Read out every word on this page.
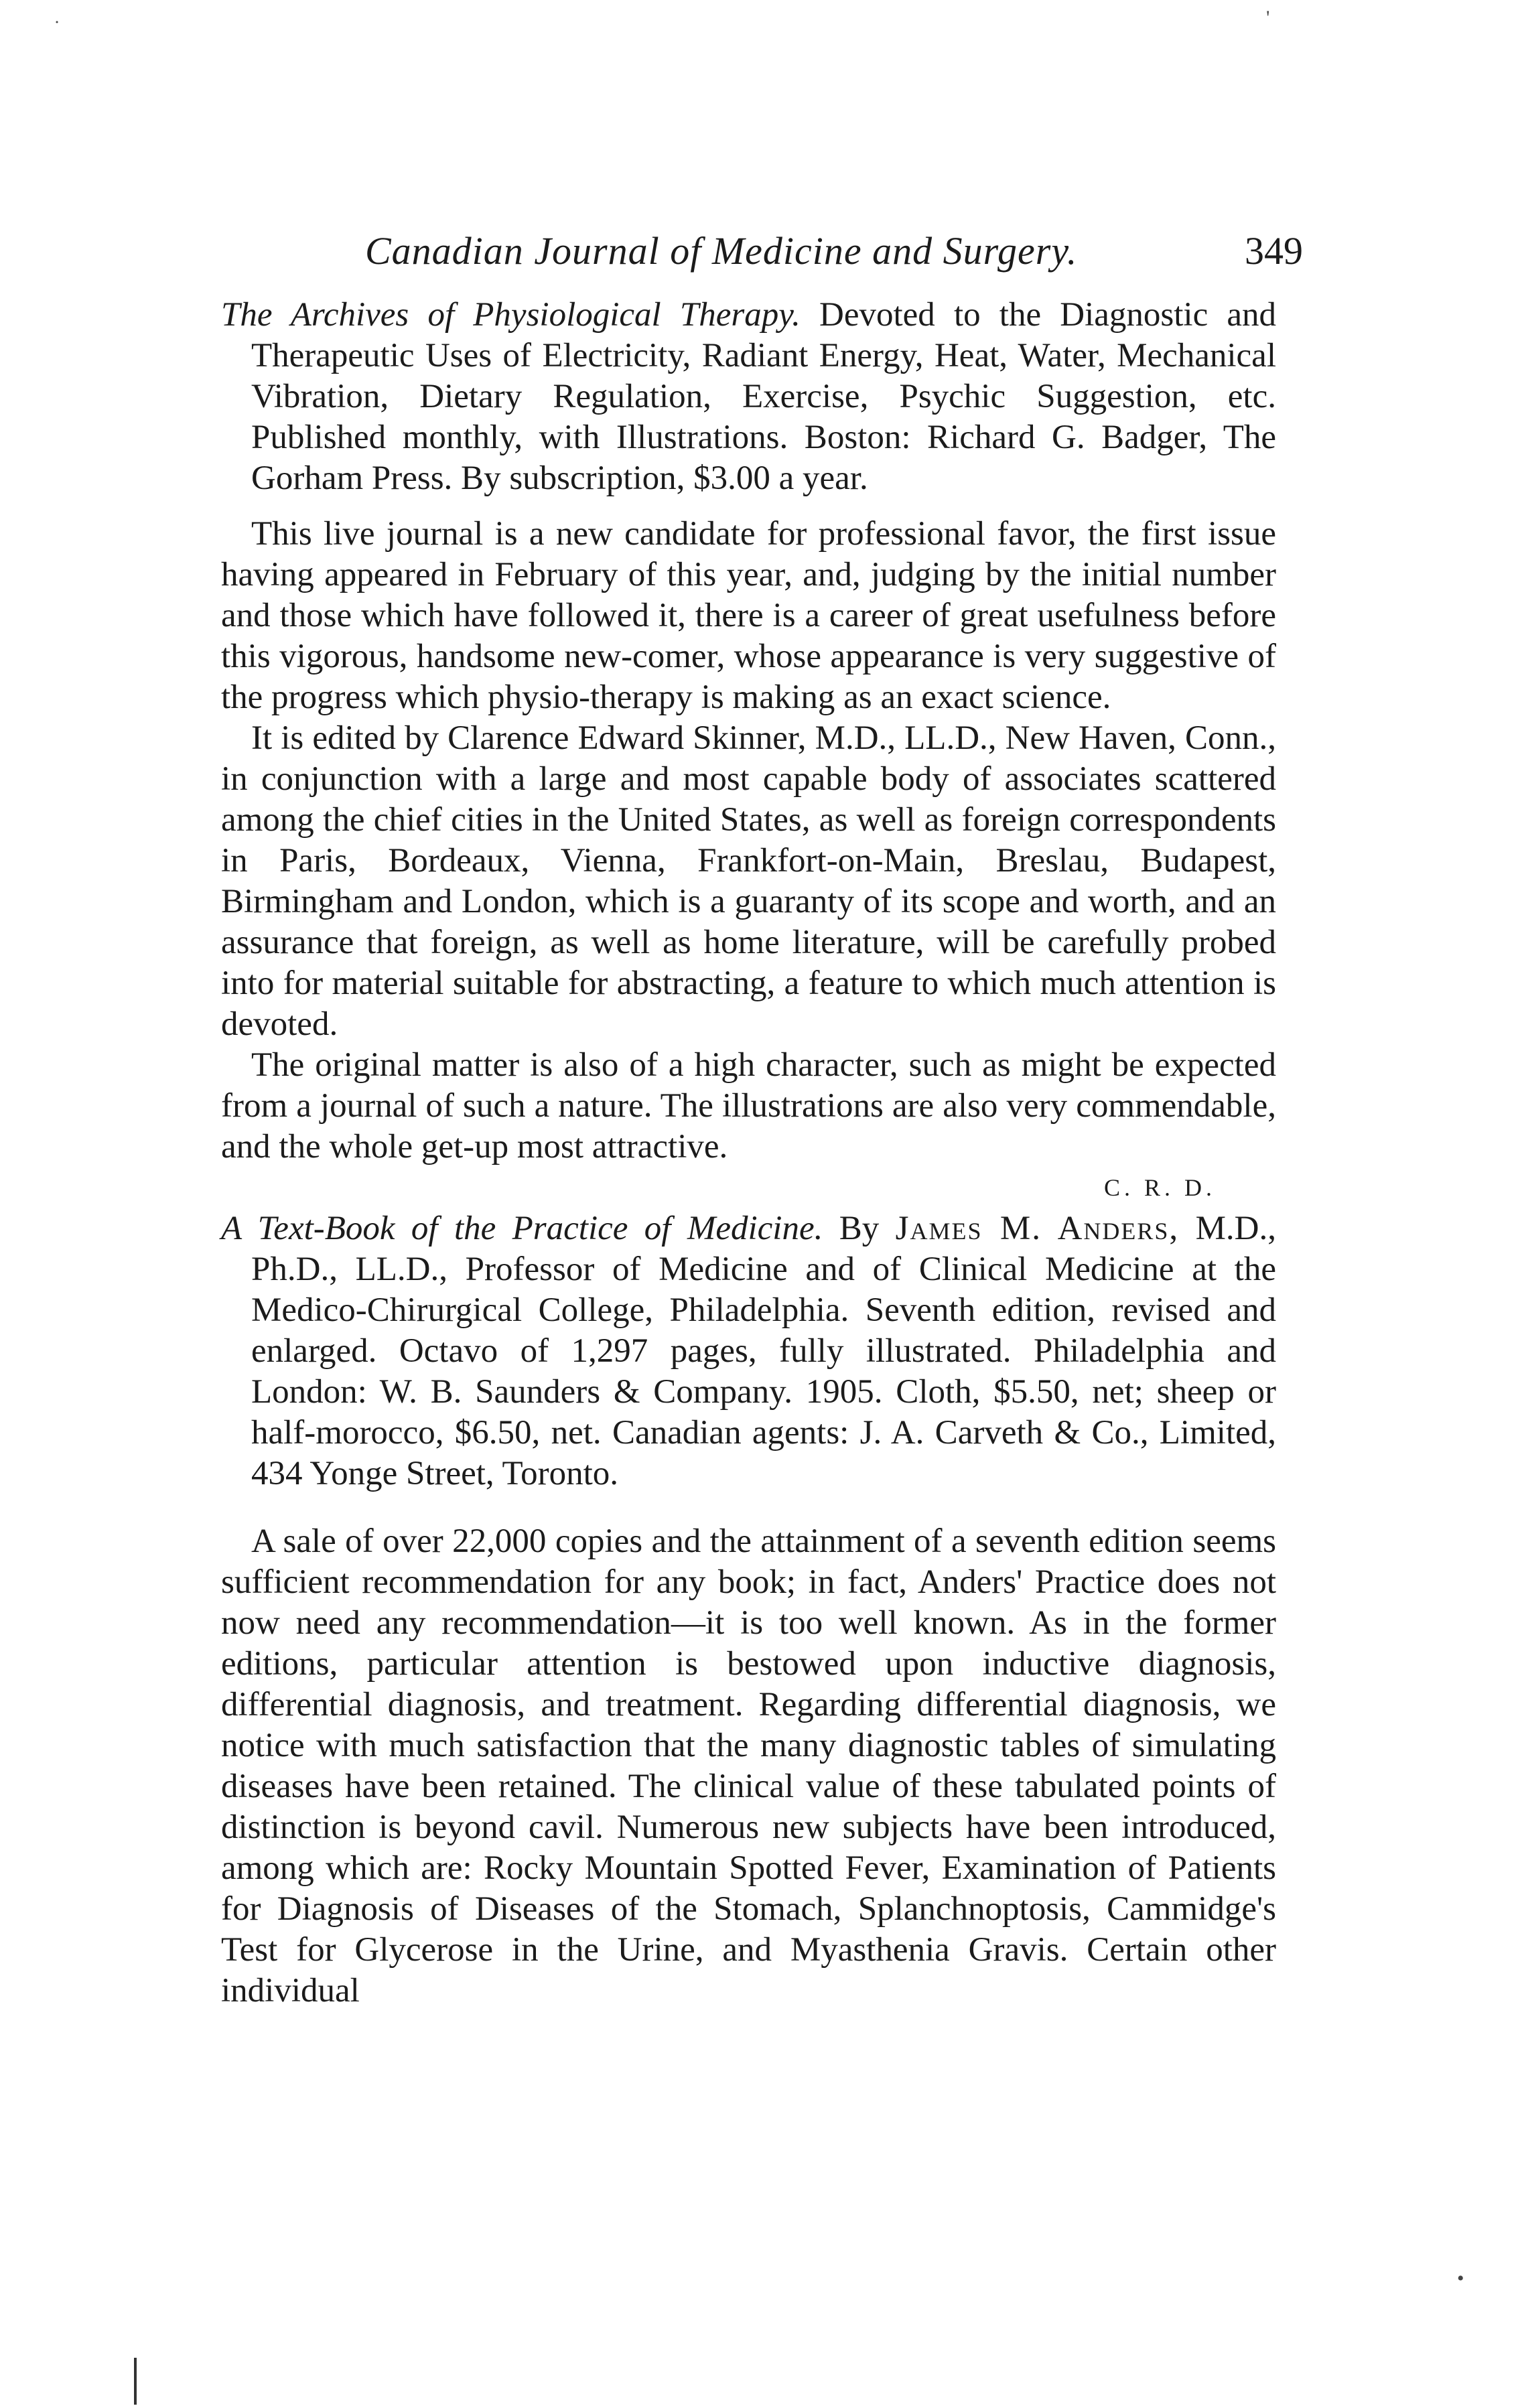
˙	'
Canadian Journal of Medicine and Surgery.	349

The Archives of Physiological Therapy. Devoted to the Diagnostic and Therapeutic Uses of Electricity, Radiant Energy, Heat, Water, Mechanical Vibration, Dietary Regulation, Exercise, Psychic Suggestion, etc. Published monthly, with Illustrations. Boston: Richard G. Badger, The Gorham Press. By subscription, $3.00 a year.

This live journal is a new candidate for professional favor, the first issue having appeared in February of this year, and, judging by the initial number and those which have followed it, there is a career of great usefulness before this vigorous, handsome new-comer, whose appearance is very suggestive of the progress which physio-therapy is making as an exact science.

It is edited by Clarence Edward Skinner, M.D., LL.D., New Haven, Conn., in conjunction with a large and most capable body of associates scattered among the chief cities in the United States, as well as foreign correspondents in Paris, Bordeaux, Vienna, Frankfort-on-Main, Breslau, Budapest, Birmingham and London, which is a guaranty of its scope and worth, and an assurance that foreign, as well as home literature, will be carefully probed into for material suitable for abstracting, a feature to which much attention is devoted.

The original matter is also of a high character, such as might be expected from a journal of such a nature. The illustrations are also very commendable, and the whole get-up most attractive.

C. R. D.

A Text-Book of the Practice of Medicine. By James M. Anders, M.D., Ph.D., LL.D., Professor of Medicine and of Clinical Medicine at the Medico-Chirurgical College, Philadelphia. Seventh edition, revised and enlarged. Octavo of 1,297 pages, fully illustrated. Philadelphia and London: W. B. Saunders & Company. 1905. Cloth, $5.50, net; sheep or half-morocco, $6.50, net. Canadian agents: J. A. Carveth & Co., Limited, 434 Yonge Street, Toronto.

A sale of over 22,000 copies and the attainment of a seventh edition seems sufficient recommendation for any book; in fact, Anders' Practice does not now need any recommendation—it is too well known. As in the former editions, particular attention is bestowed upon inductive diagnosis, differential diagnosis, and treatment. Regarding differential diagnosis, we notice with much satisfaction that the many diagnostic tables of simulating diseases have been retained. The clinical value of these tabulated points of distinction is beyond cavil. Numerous new subjects have been introduced, among which are: Rocky Mountain Spotted Fever, Examination of Patients for Diagnosis of Diseases of the Stomach, Splanchnoptosis, Cammidge's Test for Glycerose in the Urine, and Myasthenia Gravis. Certain other individual

•
